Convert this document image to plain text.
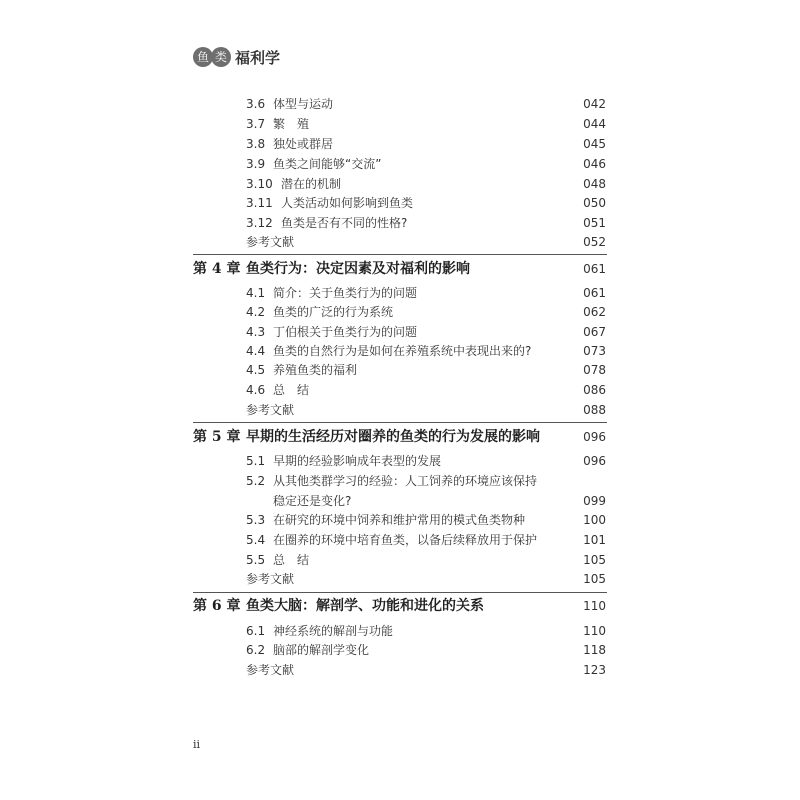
鱼 类 福利学
3.6 体型与运动	042
3.7 繁　殖	044
3.8 独处或群居	045
3.9 鱼类之间能够“交流”	046
3.10 潜在的机制	048
3.11 人类活动如何影响到鱼类	050
3.12 鱼类是否有不同的性格?	051
参考文献	052
第 4 章 鱼类行为：决定因素及对福利的影响	061
4.1 简介：关于鱼类行为的问题	061
4.2 鱼类的广泛的行为系统	062
4.3 丁伯根关于鱼类行为的问题	067
4.4 鱼类的自然行为是如何在养殖系统中表现出来的?	073
4.5 养殖鱼类的福利	078
4.6 总　结	086
参考文献	088
第 5 章 早期的生活经历对圈养的鱼类的行为发展的影响	096
5.1 早期的经验影响成年表型的发展	096
5.2 从其他类群学习的经验：人工饲养的环境应该保持
稳定还是变化?	099
5.3 在研究的环境中饲养和维护常用的模式鱼类物种	100
5.4 在圈养的环境中培育鱼类，以备后续释放用于保护	101
5.5 总　结	105
参考文献	105
第 6 章 鱼类大脑：解剖学、功能和进化的关系	110
6.1 神经系统的解剖与功能	110
6.2 脑部的解剖学变化	118
参考文献	123
ii
